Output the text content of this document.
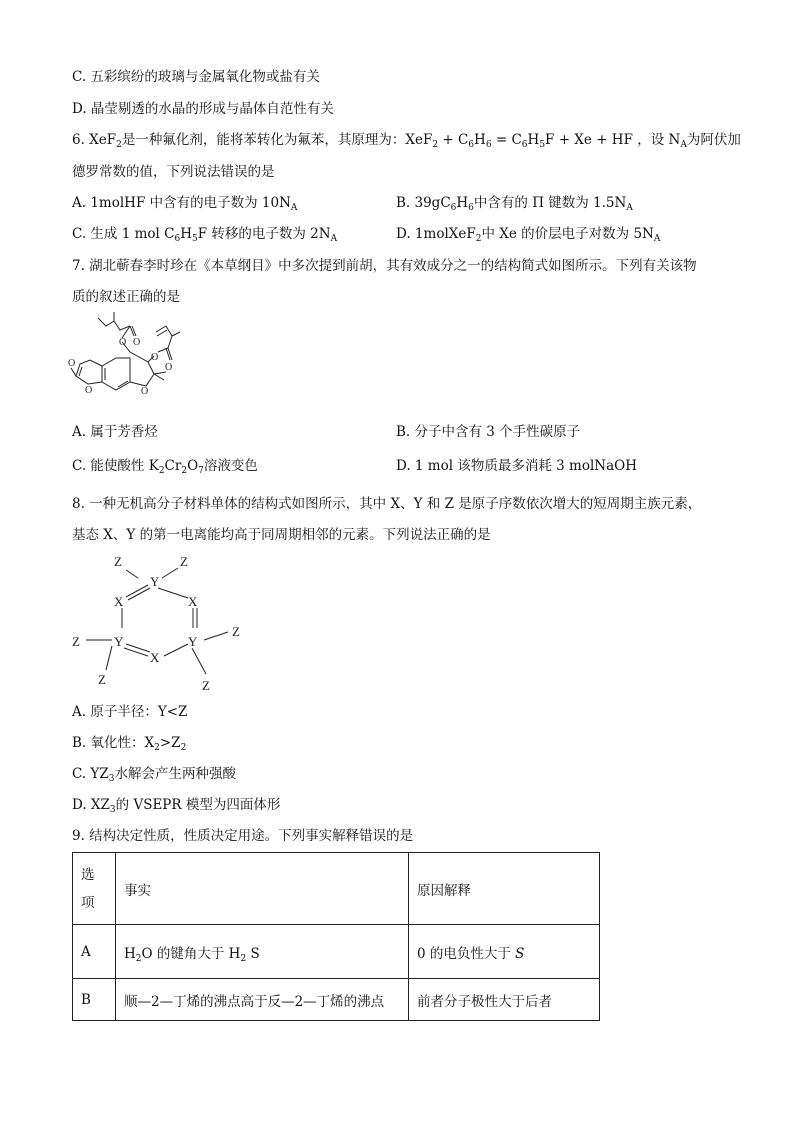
C. 五彩缤纷的玻璃与金属氧化物或盐有关
D. 晶莹剔透的水晶的形成与晶体自范性有关
6. XeF$_2$是一种氟化剂，能将苯转化为氟苯，其原理为：$XeF_2 + C_6H_6 = C_6H_5F + Xe$ + HF ，设 $N_A$为阿伏加
德罗常数的值，下列说法错误的是
A. 1molHF 中含有的电子数为 $10N_A$	B. $39gC_6H_6$中含有的 Π 键数为 $1.5N_A$
C. 生成 1 mol $C_6H_5F$ 转移的电子数为 $2N_A$	D. 1molXeF$_2$中 Xe 的价层电子对数为 $5N_A$
7. 湖北蕲春李时珍在《本草纲目》中多次提到前胡，其有效成分之一的结构简式如图所示。下列有关该物
质的叙述正确的是
O O
O
O
O
O
O
A. 属于芳香烃	B. 分子中含有 3 个手性碳原子
C. 能使酸性 $K_2Cr_2O_7$溶液变色	D. 1 mol 该物质最多消耗 3 molNaOH
8. 一种无机高分子材料单体的结构式如图所示，其中 X、Y 和 Z 是原子序数依次增大的短周期主族元素，
基态 X、Y 的第一电离能均高于同周期相邻的元素。下列说法正确的是
Z
Y
Z
X	X
Z	Y	Y
Z
X
Z	Z
A. 原子半径：Y<Z
B. 氧化性：$X_2>Z_2$
C. $YZ_3$水解会产生两种强酸
D. $XZ_3$的 VSEPR 模型为四面体形
9. 结构决定性质，性质决定用途。下列事实解释错误的是
选项	事实	原因解释
A	$H_2O$ 的键角大于 $H_2$ S	0 的电负性大于 S
B	顺—2—丁烯的沸点高于反—2—丁烯的沸点	前者分子极性大于后者
